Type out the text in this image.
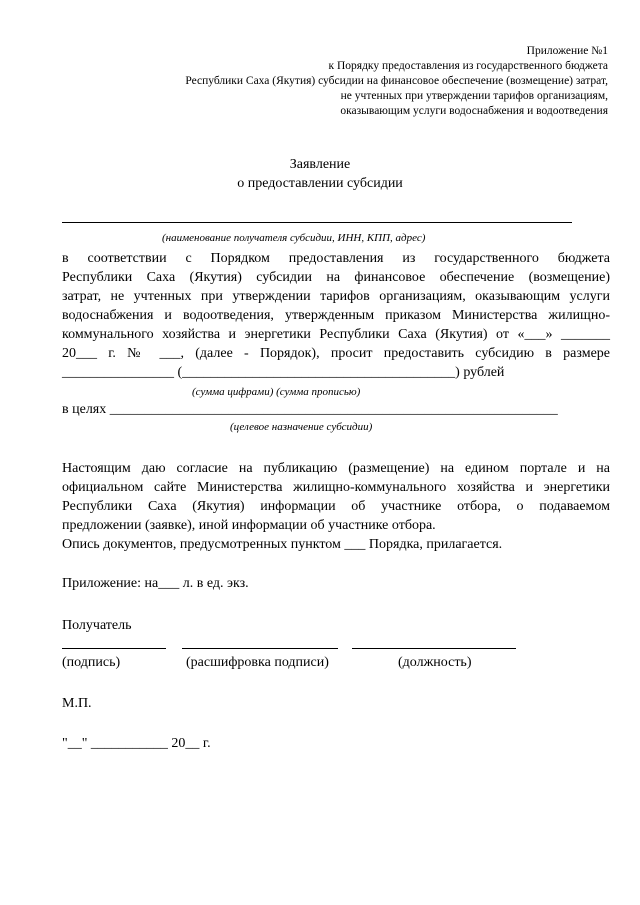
Приложение №1
к Порядку предоставления из государственного бюджета
Республики Саха (Якутия) субсидии на финансовое обеспечение (возмещение) затрат,
не учтенных при утверждении тарифов организациям,
оказывающим услуги водоснабжения и водоотведения
Заявление
о предоставлении субсидии
(наименование получателя субсидии, ИНН, КПП, адрес)
в соответствии с Порядком предоставления из государственного бюджета
Республики Саха (Якутия) субсидии на финансовое обеспечение (возмещение)
затрат, не учтенных при утверждении тарифов организациям, оказывающим услуги
водоснабжения и водоотведения, утвержденным приказом Министерства жилищно-
коммунального хозяйства и энергетики Республики Саха (Якутия) от «___» _______
20___ г. № ___, (далее - Порядок), просит предоставить субсидию в размере
________________ (_______________________________________) рублей
(сумма цифрами) (сумма прописью)
в целях ________________________________________________________________
(целевое назначение субсидии)
Настоящим даю согласие на публикацию (размещение) на едином портале и на
официальном сайте Министерства жилищно-коммунального хозяйства и энергетики
Республики Саха (Якутия) информации об участнике отбора, о подаваемом
предложении (заявке), иной информации об участнике отбора.
Опись документов, предусмотренных пунктом ___ Порядка, прилагается.
Приложение: на___ л. в ед. экз.
Получатель
(подпись)	(расшифровка подписи)	(должность)
М.П.
"__" ___________ 20__ г.
